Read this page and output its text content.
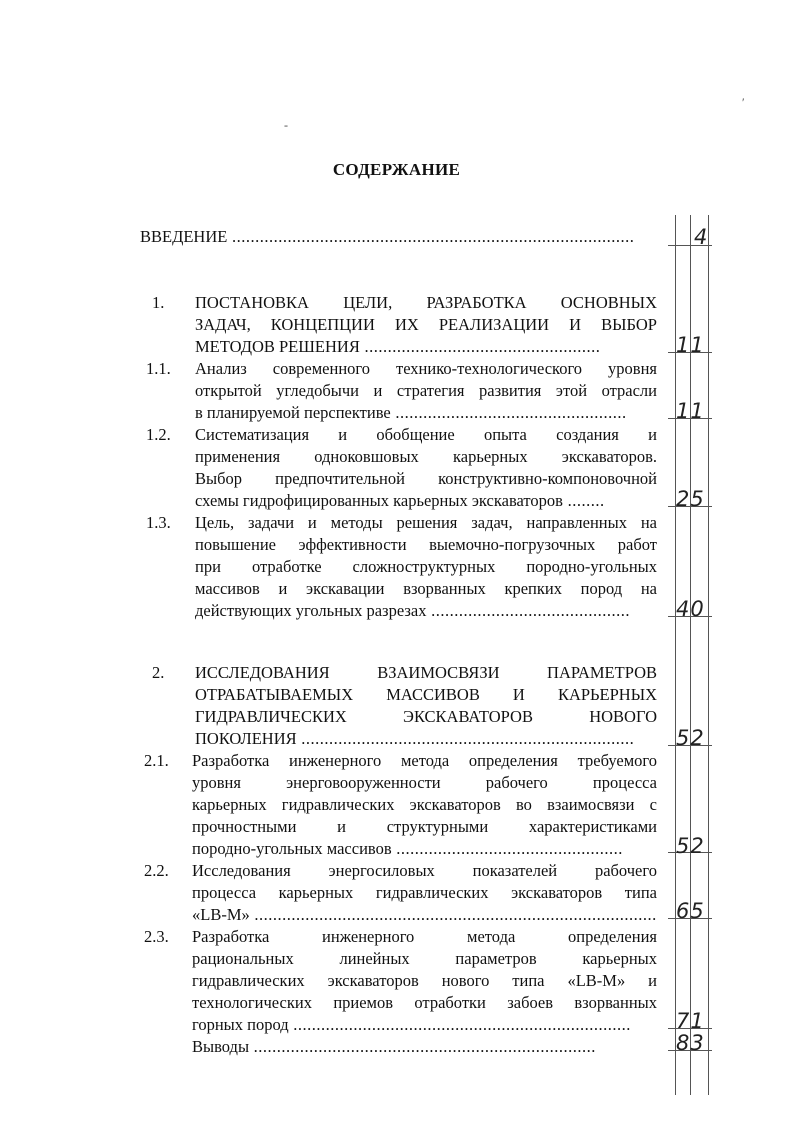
СОДЕРЖАНИЕ
ВВЕДЕНИЕ .......................................................................................	4
1. ПОСТАНОВКА ЦЕЛИ, РАЗРАБОТКА ОСНОВНЫХ
ЗАДАЧ, КОНЦЕПЦИИ ИХ РЕАЛИЗАЦИИ И ВЫБОР
МЕТОДОВ РЕШЕНИЯ ...................................................	11
1.1. Анализ современного технико-технологического уровня
открытой угледобычи и стратегия развития этой отрасли
в планируемой перспективе ..................................................	11
1.2. Систематизация и обобщение опыта создания и
применения одноковшовых карьерных экскаваторов.
Выбор предпочтительной конструктивно-компоновочной
схемы гидрофицированных карьерных экскаваторов ........	25
1.3. Цель, задачи и методы решения задач, направленных на
повышение эффективности выемочно-погрузочных работ
при отработке сложноструктурных породно-угольных
массивов и экскавации взорванных крепких пород на
действующих угольных разрезах ...........................................	40
2. ИССЛЕДОВАНИЯ ВЗАИМОСВЯЗИ ПАРАМЕТРОВ
ОТРАБАТЫВАЕМЫХ МАССИВОВ И КАРЬЕРНЫХ
ГИДРАВЛИЧЕСКИХ ЭКСКАВАТОРОВ НОВОГО
ПОКОЛЕНИЯ ........................................................................	52
2.1. Разработка инженерного метода определения требуемого
уровня энерговооруженности рабочего процесса
карьерных гидравлических экскаваторов во взаимосвязи с
прочностными и структурными характеристиками
породно-угольных массивов .................................................	52
2.2. Исследования энергосиловых показателей рабочего
процесса карьерных гидравлических экскаваторов типа
«LB-M» ....................................................................................... 65
2.3. Разработка инженерного метода определения
рациональных линейных параметров карьерных
гидравлических экскаваторов нового типа «LB-M» и
технологических приемов отработки забоев взорванных
горных пород .........................................................................	71
Выводы ..........................................................................	83
′
-
